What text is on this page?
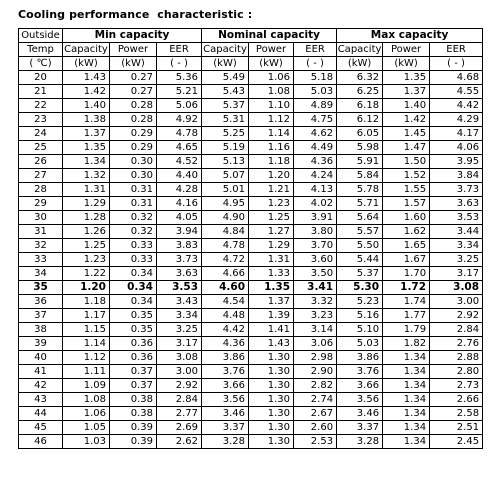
Cooling performance  characteristic :
Outside	Min capacity			Nominal capacity			Max capacity		
Temp	Capacity	Power	EER	Capacity	Power	EER	Capacity	Power	EER
( ℃)	(kW)	(kW)	( - )	(kW)	(kW)	( - )	(kW)	(kW)	( - )
20	1.43	0.27	5.36	5.49	1.06	5.18	6.32	1.35	4.68
21	1.42	0.27	5.21	5.43	1.08	5.03	6.25	1.37	4.55
22	1.40	0.28	5.06	5.37	1.10	4.89	6.18	1.40	4.42
23	1.38	0.28	4.92	5.31	1.12	4.75	6.12	1.42	4.29
24	1.37	0.29	4.78	5.25	1.14	4.62	6.05	1.45	4.17
25	1.35	0.29	4.65	5.19	1.16	4.49	5.98	1.47	4.06
26	1.34	0.30	4.52	5.13	1.18	4.36	5.91	1.50	3.95
27	1.32	0.30	4.40	5.07	1.20	4.24	5.84	1.52	3.84
28	1.31	0.31	4.28	5.01	1.21	4.13	5.78	1.55	3.73
29	1.29	0.31	4.16	4.95	1.23	4.02	5.71	1.57	3.63
30	1.28	0.32	4.05	4.90	1.25	3.91	5.64	1.60	3.53
31	1.26	0.32	3.94	4.84	1.27	3.80	5.57	1.62	3.44
32	1.25	0.33	3.83	4.78	1.29	3.70	5.50	1.65	3.34
33	1.23	0.33	3.73	4.72	1.31	3.60	5.44	1.67	3.25
34	1.22	0.34	3.63	4.66	1.33	3.50	5.37	1.70	3.17
35	1.20	0.34	3.53	4.60	1.35	3.41	5.30	1.72	3.08
36	1.18	0.34	3.43	4.54	1.37	3.32	5.23	1.74	3.00
37	1.17	0.35	3.34	4.48	1.39	3.23	5.16	1.77	2.92
38	1.15	0.35	3.25	4.42	1.41	3.14	5.10	1.79	2.84
39	1.14	0.36	3.17	4.36	1.43	3.06	5.03	1.82	2.76
40	1.12	0.36	3.08	3.86	1.30	2.98	3.86	1.34	2.88
41	1.11	0.37	3.00	3.76	1.30	2.90	3.76	1.34	2.80
42	1.09	0.37	2.92	3.66	1.30	2.82	3.66	1.34	2.73
43	1.08	0.38	2.84	3.56	1.30	2.74	3.56	1.34	2.66
44	1.06	0.38	2.77	3.46	1.30	2.67	3.46	1.34	2.58
45	1.05	0.39	2.69	3.37	1.30	2.60	3.37	1.34	2.51
46	1.03	0.39	2.62	3.28	1.30	2.53	3.28	1.34	2.45
